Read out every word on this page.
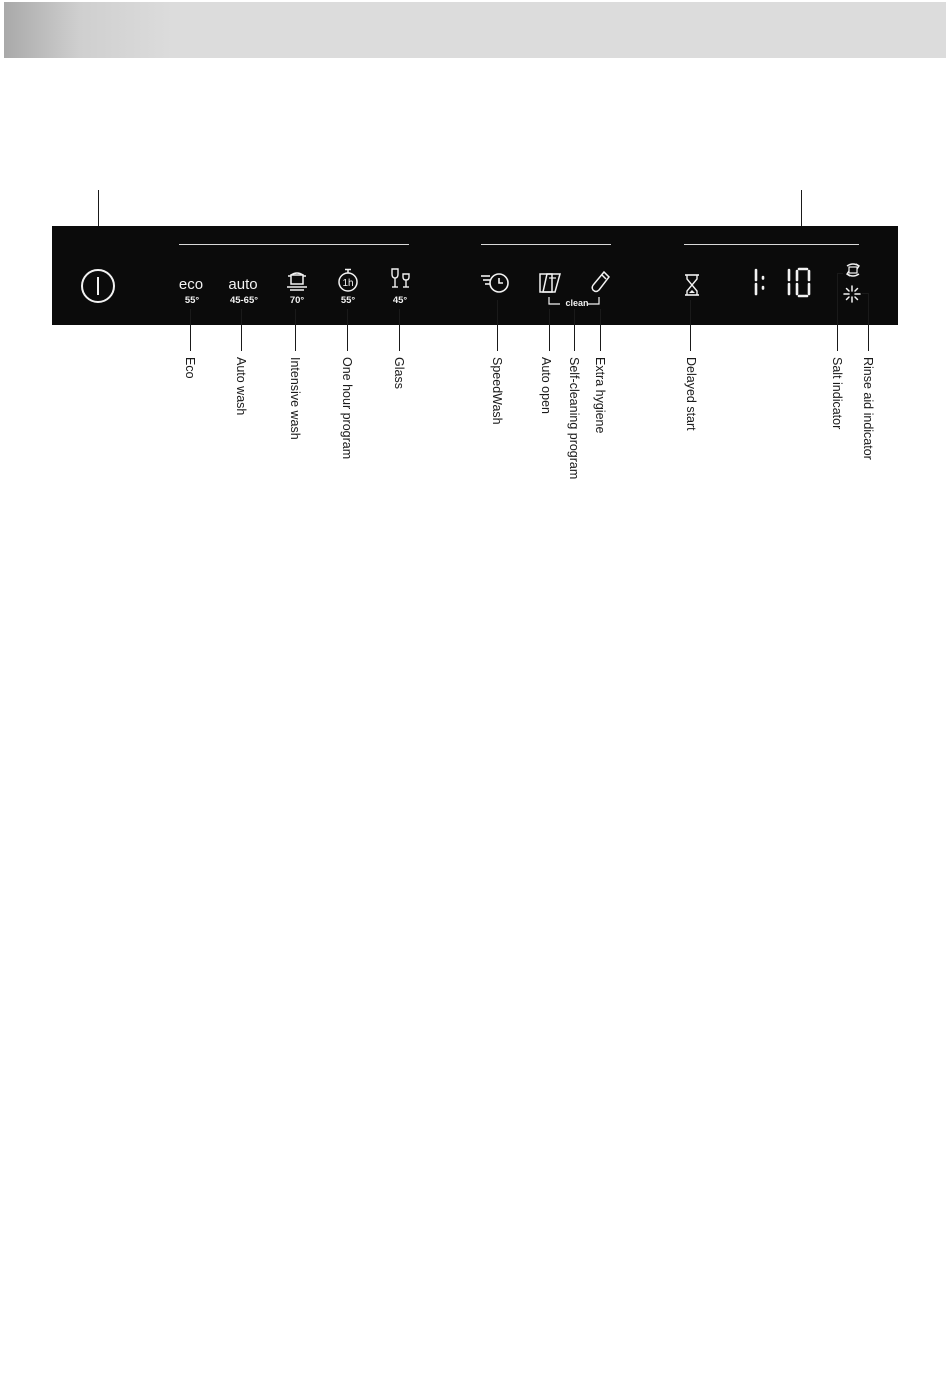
eco
55°
auto
45-65°	70°
1h
55°	45°	clean
Eco	Auto wash	Intensive wash	One hour program	Glass	SpeedWash	Auto open Self-cleaning program Extra hygiene	Delayed start	Salt indicator Rinse aid indicator
